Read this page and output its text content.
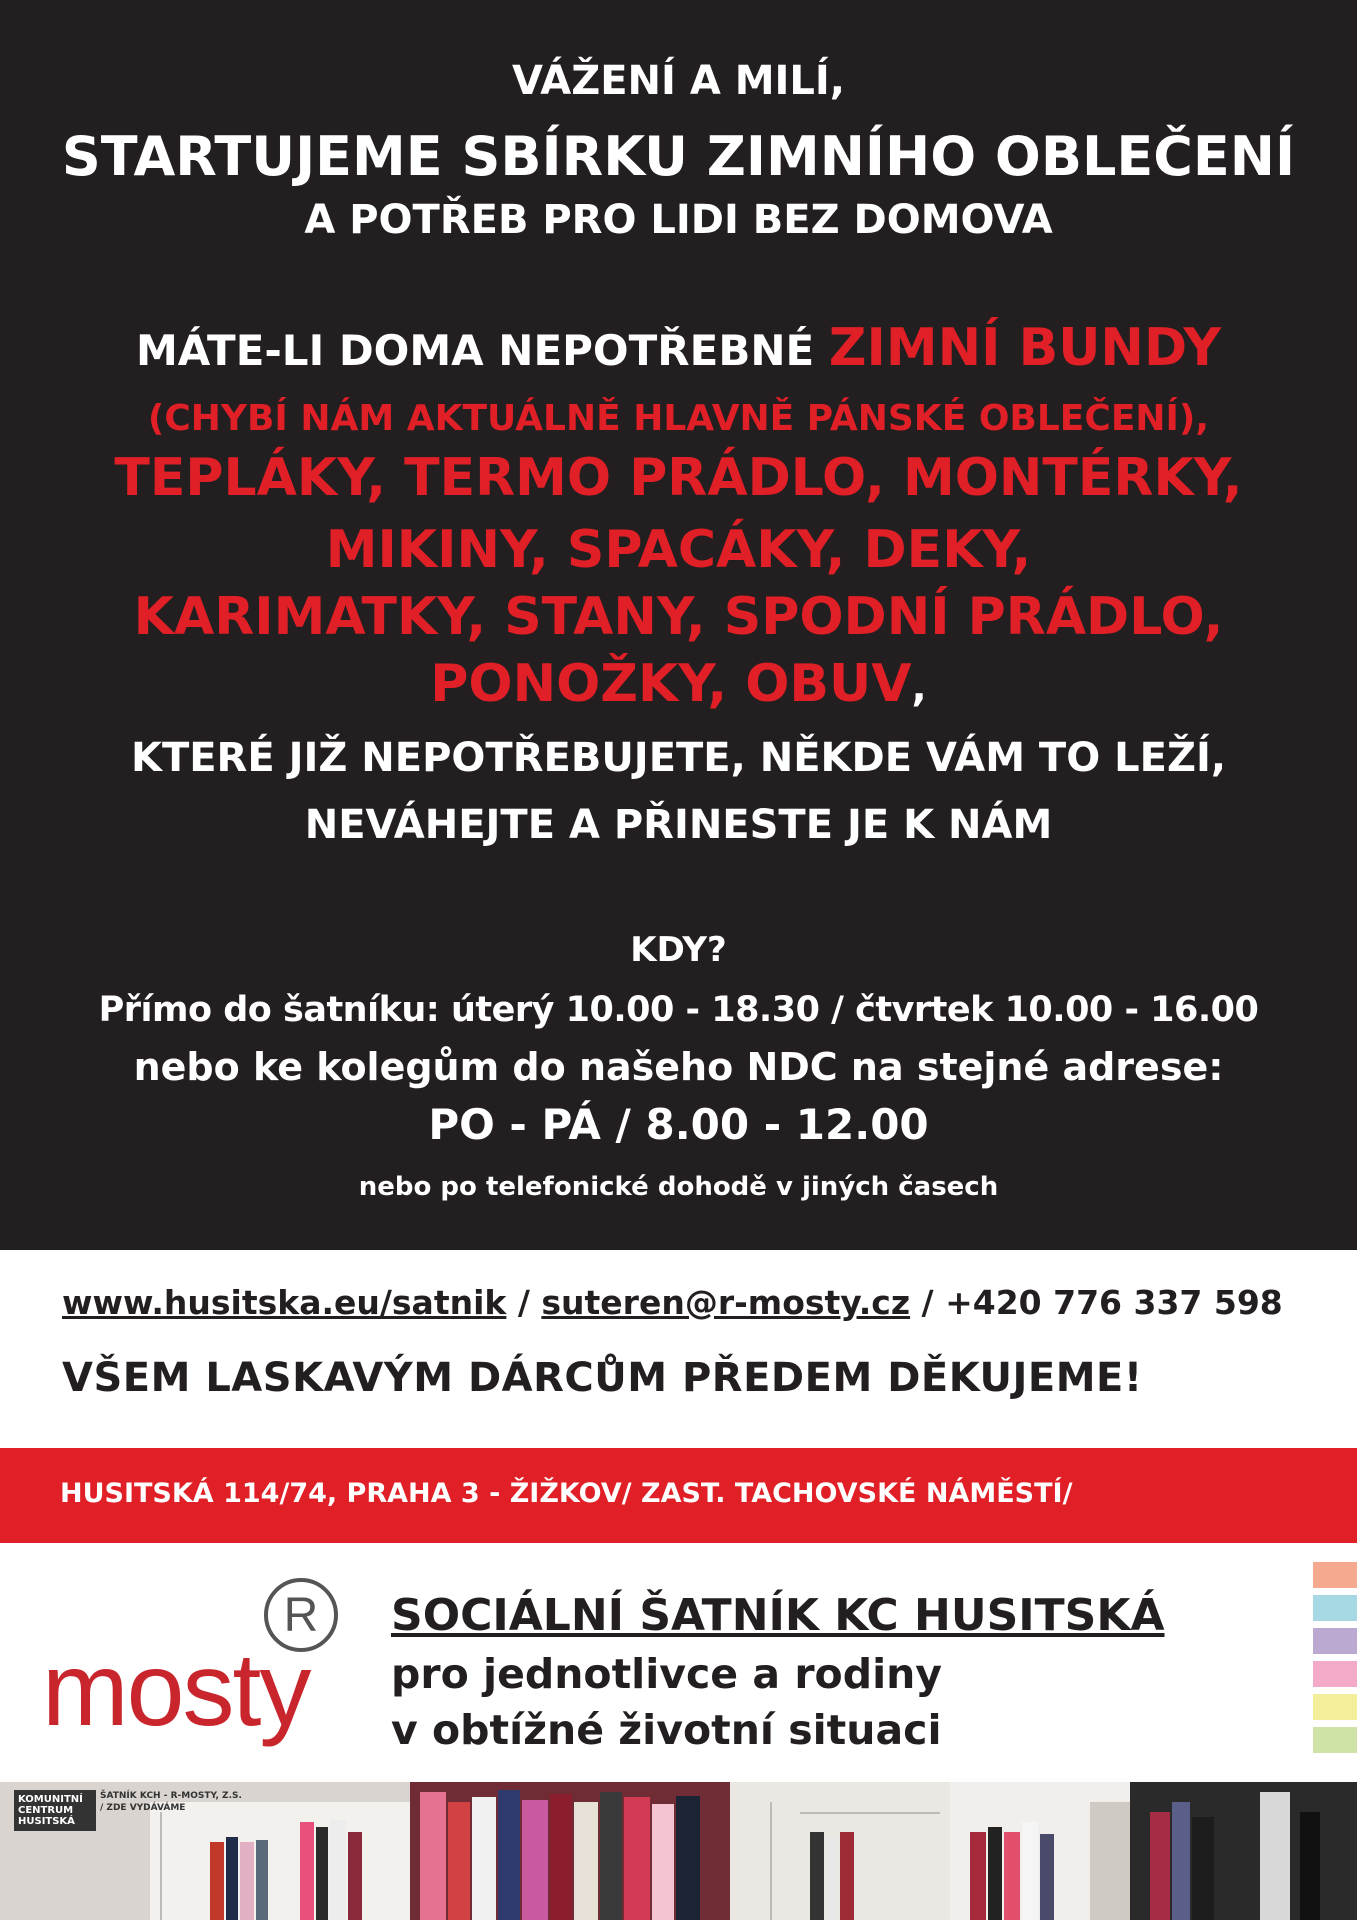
VÁŽENÍ A MILÍ,
STARTUJEME SBÍRKU ZIMNÍHO OBLEČENÍ
A POTŘEB PRO LIDI BEZ DOMOVA
MÁTE-LI DOMA NEPOTŘEBNÉ ZIMNÍ BUNDY
(CHYBÍ NÁM AKTUÁLNĚ HLAVNĚ PÁNSKÉ OBLEČENÍ),
TEPLÁKY, TERMO PRÁDLO, MONTÉRKY,
MIKINY, SPACÁKY, DEKY,
KARIMATKY, STANY, SPODNÍ PRÁDLO,
PONOŽKY, OBUV,
KTERÉ JIŽ NEPOTŘEBUJETE, NĚKDE VÁM TO LEŽÍ,
NEVÁHEJTE A PŘINESTE JE K NÁM
KDY?
Přímo do šatníku: úterý 10.00 - 18.30 / čtvrtek 10.00 - 16.00
nebo ke kolegům do našeho NDC na stejné adrese:
PO - PÁ / 8.00 - 12.00
nebo po telefonické dohodě v jiných časech
www.husitska.eu/satnik / suteren@r-mosty.cz / +420 776 337 598
VŠEM LASKAVÝM DÁRCŮM PŘEDEM DĚKUJEME!
HUSITSKÁ 114/74, PRAHA 3 - ŽIŽKOV/ ZAST. TACHOVSKÉ NÁMĚSTÍ/
mosty
R	SOCIÁLNÍ ŠATNÍK KC HUSITSKÁ
pro jednotlivce a rodiny
v obtížné životní situaci
KOMUNITNÍ CENTRUM HUSITSKÁ
ŠATNÍK KCH - R-MOSTY, Z.S.
/ ZDE VYDÁVÁME
